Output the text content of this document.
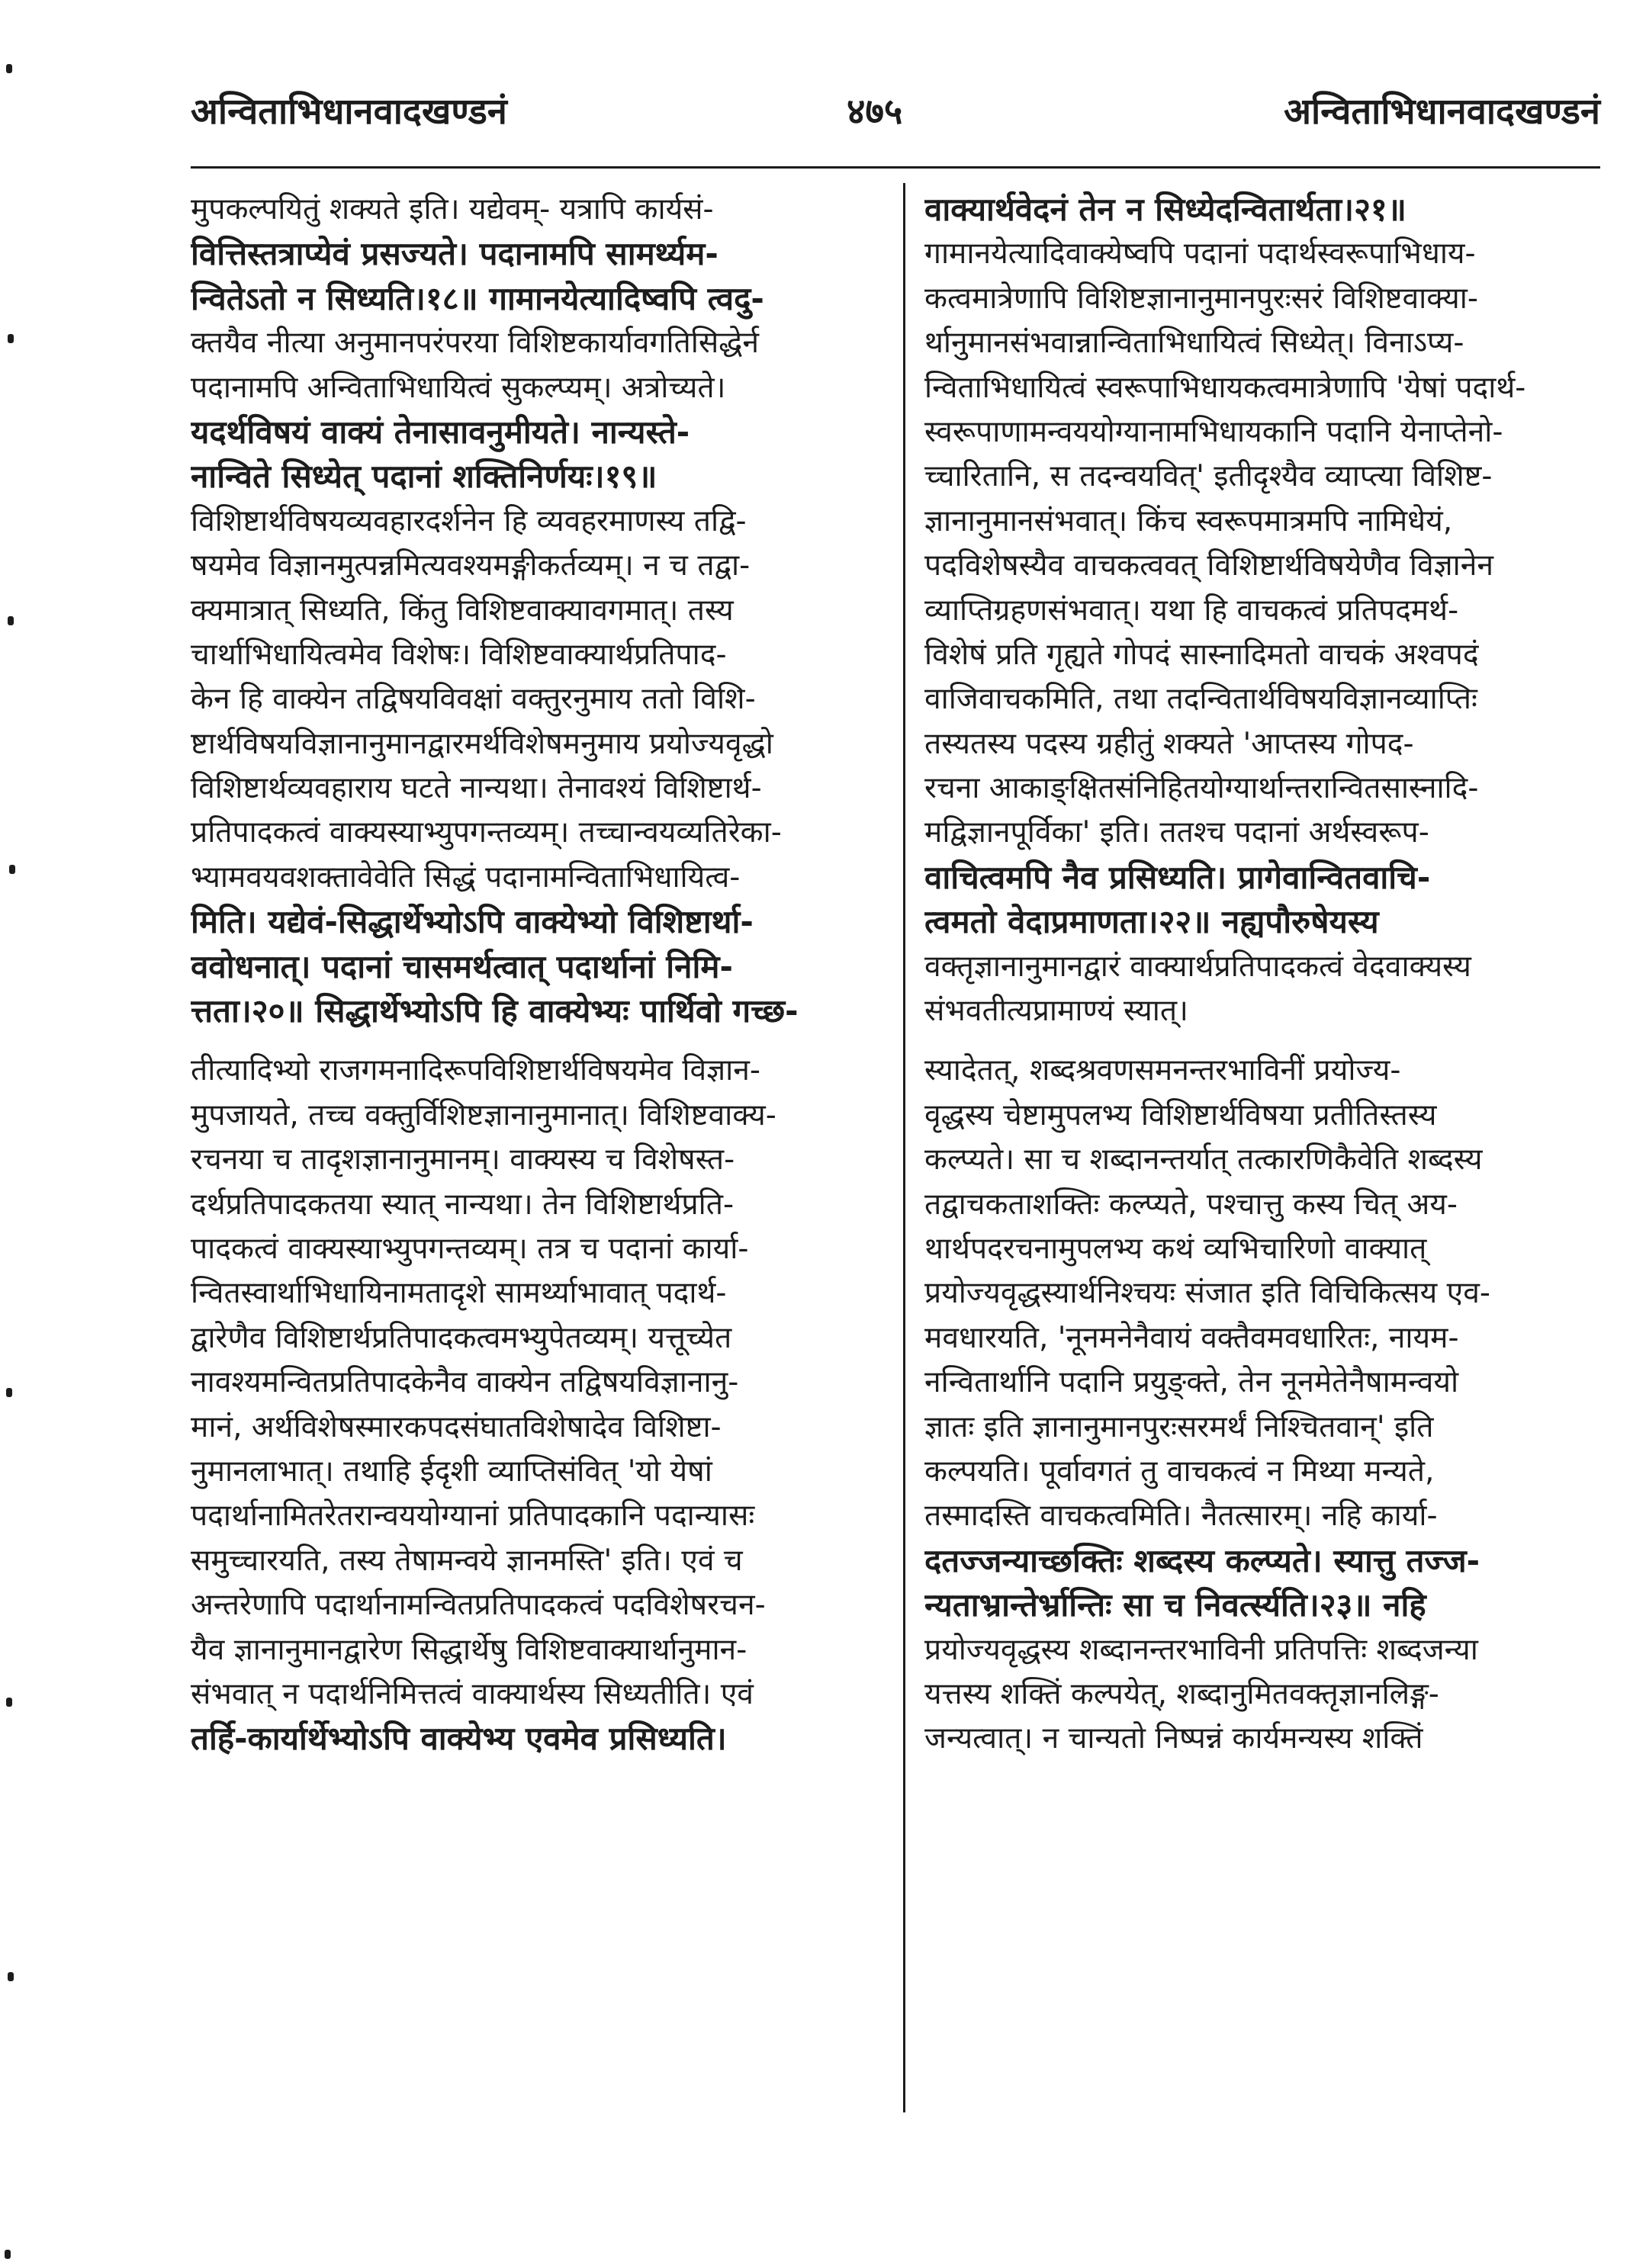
अन्विताभिधानवादखण्डनं	४७५	अन्विताभिधानवादखण्डनं
मुपकल्पयितुं शक्यते इति। यद्येवम्- यत्रापि कार्यसं-
वित्तिस्तत्राप्येवं प्रसज्यते। पदानामपि सामर्थ्यम-
न्वितेऽतो न सिध्यति।१८॥ गामानयेत्यादिष्वपि त्वदु-
क्तयैव नीत्या अनुमानपरंपरया विशिष्टकार्यावगतिसिद्धेर्न
पदानामपि अन्विताभिधायित्वं सुकल्प्यम्। अत्रोच्यते।
यदर्थविषयं वाक्यं तेनासावनुमीयते। नान्यस्ते-
नान्विते सिध्येत् पदानां शक्तिनिर्णयः।१९॥
विशिष्टार्थविषयव्यवहारदर्शनेन हि व्यवहरमाणस्य तद्वि-
षयमेव विज्ञानमुत्पन्नमित्यवश्यमङ्गीकर्तव्यम्। न च तद्वा-
क्यमात्रात् सिध्यति, किंतु विशिष्टवाक्यावगमात्। तस्य
चार्थाभिधायित्वमेव विशेषः। विशिष्टवाक्यार्थप्रतिपाद-
केन हि वाक्येन तद्विषयविवक्षां वक्तुरनुमाय ततो विशि-
ष्टार्थविषयविज्ञानानुमानद्वारमर्थविशेषमनुमाय प्रयोज्यवृद्धो
विशिष्टार्थव्यवहाराय घटते नान्यथा। तेनावश्यं विशिष्टार्थ-
प्रतिपादकत्वं वाक्यस्याभ्युपगन्तव्यम्। तच्चान्वयव्यतिरेका-
भ्यामवयवशक्तावेवेति सिद्धं पदानामन्विताभिधायित्व-
मिति। यद्येवं-सिद्धार्थेभ्योऽपि वाक्येभ्यो विशिष्टार्था-
ववोधनात्। पदानां चासमर्थत्वात् पदार्थानां निमि-
त्तता।२०॥ सिद्धार्थेभ्योऽपि हि वाक्येभ्यः पार्थिवो गच्छ-
तीत्यादिभ्यो राजगमनादिरूपविशिष्टार्थविषयमेव विज्ञान-
मुपजायते, तच्च वक्तुर्विशिष्टज्ञानानुमानात्। विशिष्टवाक्य-
रचनया च तादृशज्ञानानुमानम्। वाक्यस्य च विशेषस्त-
दर्थप्रतिपादकतया स्यात् नान्यथा। तेन विशिष्टार्थप्रति-
पादकत्वं वाक्यस्याभ्युपगन्तव्यम्। तत्र च पदानां कार्या-
न्वितस्वार्थाभिधायिनामतादृशे सामर्थ्याभावात् पदार्थ-
द्वारेणैव विशिष्टार्थप्रतिपादकत्वमभ्युपेतव्यम्। यत्तूच्येत
नावश्यमन्वितप्रतिपादकेनैव वाक्येन तद्विषयविज्ञानानु-
मानं, अर्थविशेषस्मारकपदसंघातविशेषादेव विशिष्टा-
नुमानलाभात्। तथाहि ईदृशी व्याप्तिसंवित् 'यो येषां
पदार्थानामितरेतरान्वययोग्यानां प्रतिपादकानि पदान्यासः
समुच्चारयति, तस्य तेषामन्वये ज्ञानमस्ति' इति। एवं च
अन्तरेणापि पदार्थानामन्वितप्रतिपादकत्वं पदविशेषरचन-
यैव ज्ञानानुमानद्वारेण सिद्धार्थेषु विशिष्टवाक्यार्थानुमान-
संभवात् न पदार्थनिमित्तत्वं वाक्यार्थस्य सिध्यतीति। एवं
तर्हि-कार्यार्थेभ्योऽपि वाक्येभ्य एवमेव प्रसिध्यति।
वाक्यार्थवेदनं तेन न सिध्येदन्वितार्थता।२१॥
गामानयेत्यादिवाक्येष्वपि पदानां पदार्थस्वरूपाभिधाय-
कत्वमात्रेणापि विशिष्टज्ञानानुमानपुरःसरं विशिष्टवाक्या-
र्थानुमानसंभवान्नान्विताभिधायित्वं सिध्येत्। विनाऽप्य-
न्विताभिधायित्वं स्वरूपाभिधायकत्वमात्रेणापि 'येषां पदार्थ-
स्वरूपाणामन्वययोग्यानामभिधायकानि पदानि येनाप्तेनो-
च्चारितानि, स तदन्वयवित्' इतीदृश्यैव व्याप्त्या विशिष्ट-
ज्ञानानुमानसंभवात्। किंच स्वरूपमात्रमपि नामिधेयं,
पदविशेषस्यैव वाचकत्ववत् विशिष्टार्थविषयेणैव विज्ञानेन
व्याप्तिग्रहणसंभवात्। यथा हि वाचकत्वं प्रतिपदमर्थ-
विशेषं प्रति गृह्यते गोपदं सास्नादिमतो वाचकं अश्वपदं
वाजिवाचकमिति, तथा तदन्वितार्थविषयविज्ञानव्याप्तिः
तस्यतस्य पदस्य ग्रहीतुं शक्यते 'आप्तस्य गोपद-
रचना आकाङ्क्षितसंनिहितयोग्यार्थान्तरान्वितसास्नादि-
मद्विज्ञानपूर्विका' इति। ततश्च पदानां अर्थस्वरूप-
वाचित्वमपि नैव प्रसिध्यति। प्रागेवान्वितवाचि-
त्वमतो वेदाप्रमाणता।२२॥ नह्यपौरुषेयस्य
वक्तृज्ञानानुमानद्वारं वाक्यार्थप्रतिपादकत्वं वेदवाक्यस्य
संभवतीत्यप्रामाण्यं स्यात्।
स्यादेतत्, शब्दश्रवणसमनन्तरभाविनीं प्रयोज्य-
वृद्धस्य चेष्टामुपलभ्य विशिष्टार्थविषया प्रतीतिस्तस्य
कल्प्यते। सा च शब्दानन्तर्यात् तत्कारणिकैवेति शब्दस्य
तद्वाचकताशक्तिः कल्प्यते, पश्चात्तु कस्य चित् अय-
थार्थपदरचनामुपलभ्य कथं व्यभिचारिणो वाक्यात्
प्रयोज्यवृद्धस्यार्थनिश्चयः संजात इति विचिकित्सय एव-
मवधारयति, 'नूनमनेनैवायं वक्तैवमवधारितः, नायम-
नन्वितार्थानि पदानि प्रयुङ्क्ते, तेन नूनमेतेनैषामन्वयो
ज्ञातः इति ज्ञानानुमानपुरःसरमर्थं निश्चितवान्' इति
कल्पयति। पूर्वावगतं तु वाचकत्वं न मिथ्या मन्यते,
तस्मादस्ति वाचकत्वमिति। नैतत्सारम्। नहि कार्या-
दतज्जन्याच्छक्तिः शब्दस्य कल्प्यते। स्यात्तु तज्ज-
न्यताभ्रान्तेर्भ्रान्तिः सा च निवर्त्स्यति।२३॥ नहि
प्रयोज्यवृद्धस्य शब्दानन्तरभाविनी प्रतिपत्तिः शब्दजन्या
यत्तस्य शक्तिं कल्पयेत्, शब्दानुमितवक्तृज्ञानलिङ्ग-
जन्यत्वात्। न चान्यतो निष्पन्नं कार्यमन्यस्य शक्तिं
